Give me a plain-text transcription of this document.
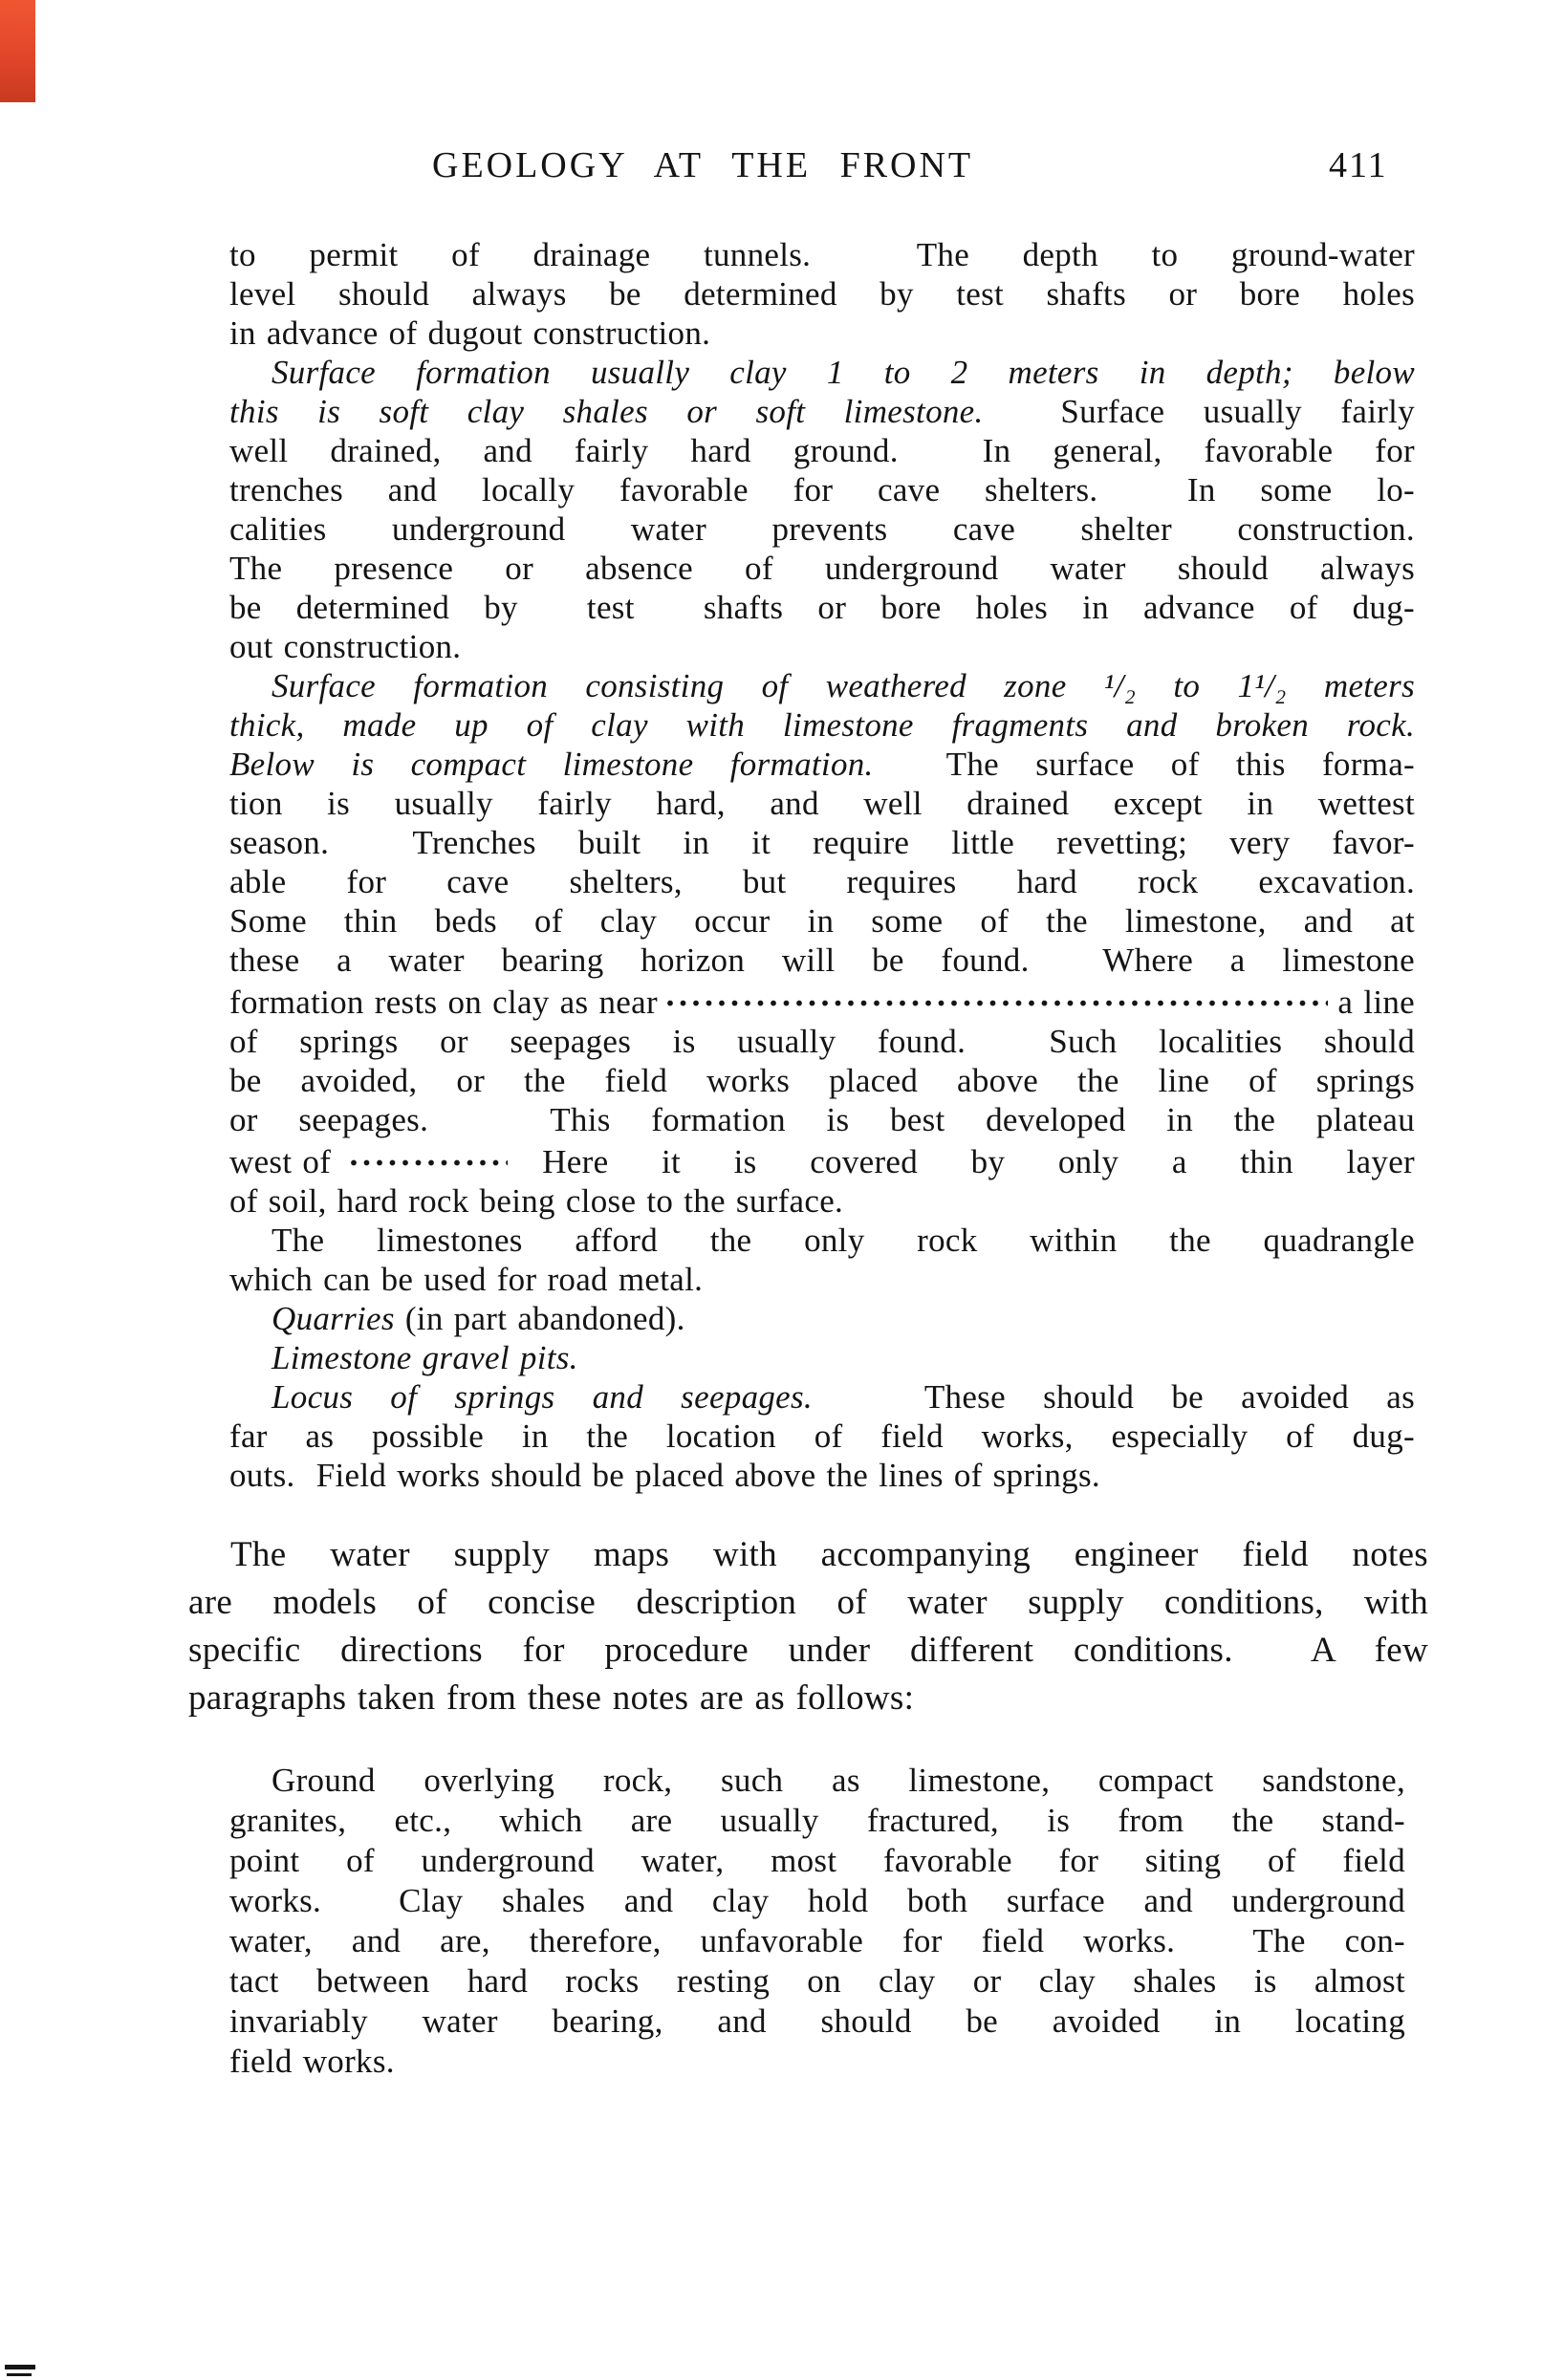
GEOLOGY AT THE FRONT	411
to permit of drainage tunnels.  The depth to ground-water
level should always be determined by test shafts or bore holes
in advance of dugout construction.
Surface formation usually clay 1 to 2 meters in depth; below
this is soft clay shales or soft limestone.  Surface usually fairly
well drained, and fairly hard ground.  In general, favorable for
trenches and locally favorable for cave shelters.  In some lo-
calities underground water prevents cave shelter construction.
The presence or absence of underground water should always
be determined by  test  shafts or bore holes in advance of dug-
out construction.
Surface formation consisting of weathered zone ¹/₂ to 1¹/₂ meters
thick, made up of clay with limestone fragments and broken rock.
Below is compact limestone formation.  The surface of this forma-
tion is usually fairly hard, and well drained except in wettest
season.  Trenches built in it require little revetting; very favor-
able for cave shelters, but requires hard rock excavation.
Some thin beds of clay occur in some of the limestone, and at
these a water bearing horizon will be found.  Where a limestone
formation rests on clay as near	a line
of springs or seepages is usually found.  Such localities should
be avoided, or the field works placed above the line of springs
or seepages.   This formation is best developed in the plateau
west of	Here it is covered by only a thin layer
of soil, hard rock being close to the surface.
The limestones afford the only rock within the quadrangle
which can be used for road metal.
Quarries (in part abandoned).
Limestone gravel pits.
Locus of springs and seepages.   These should be avoided as
far as possible in the location of field works, especially of dug-
outs.  Field works should be placed above the lines of springs.
The water supply maps with accompanying engineer field notes
are models of concise description of water supply conditions, with
specific directions for procedure under different conditions.  A few
paragraphs taken from these notes are as follows:
Ground overlying rock, such as limestone, compact sandstone,
granites, etc., which are usually fractured, is from the stand-
point of underground water, most favorable for siting of field
works.  Clay shales and clay hold both surface and underground
water, and are, therefore, unfavorable for field works.  The con-
tact between hard rocks resting on clay or clay shales is almost
invariably water bearing, and should be avoided in locating
field works.
